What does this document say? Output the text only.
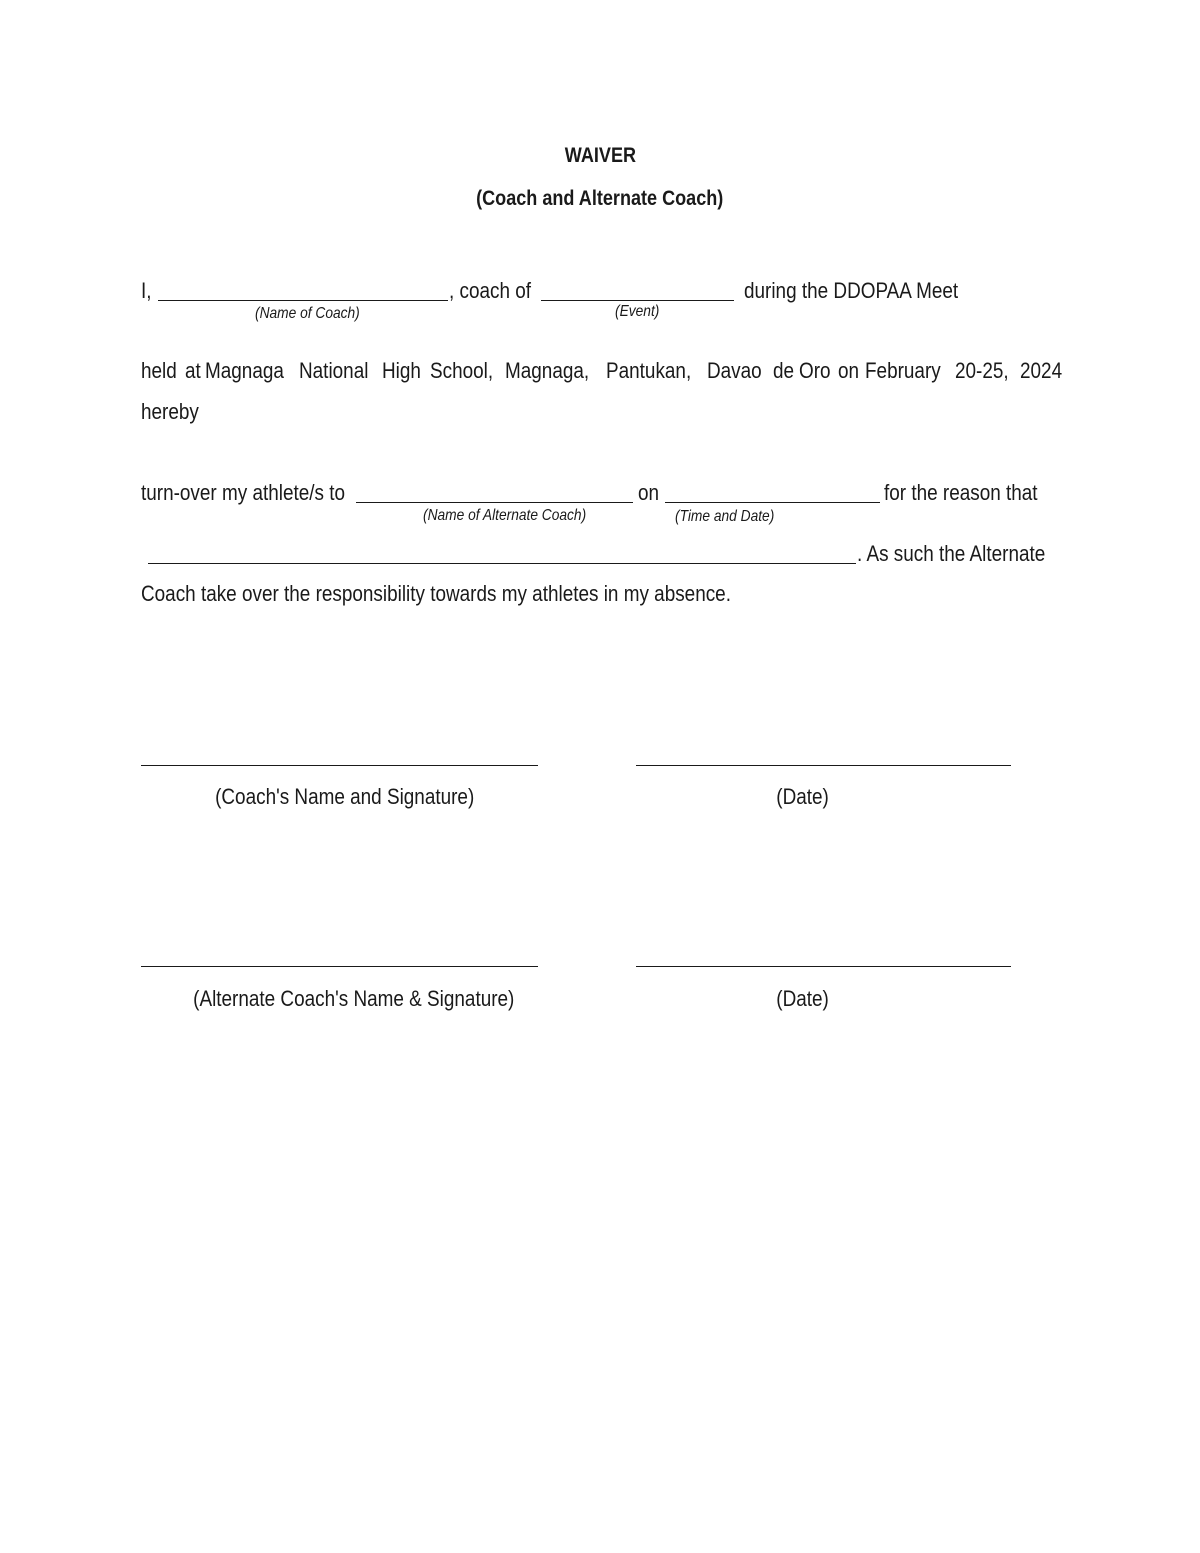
WAIVER
(Coach and Alternate Coach)
I,	, coach of	during the DDOPAA Meet
(Name of Coach)	(Event)
held at Magnaga National High School, Magnaga, Pantukan, Davao de Oro on February 20-25, 2024
hereby
turn-over my athlete/s to	on	for the reason that
(Name of Alternate Coach)	(Time and Date)
. As such the Alternate
Coach take over the responsibility towards my athletes in my absence.
(Coach's Name and Signature)	(Date)
(Alternate Coach's Name & Signature)	(Date)
